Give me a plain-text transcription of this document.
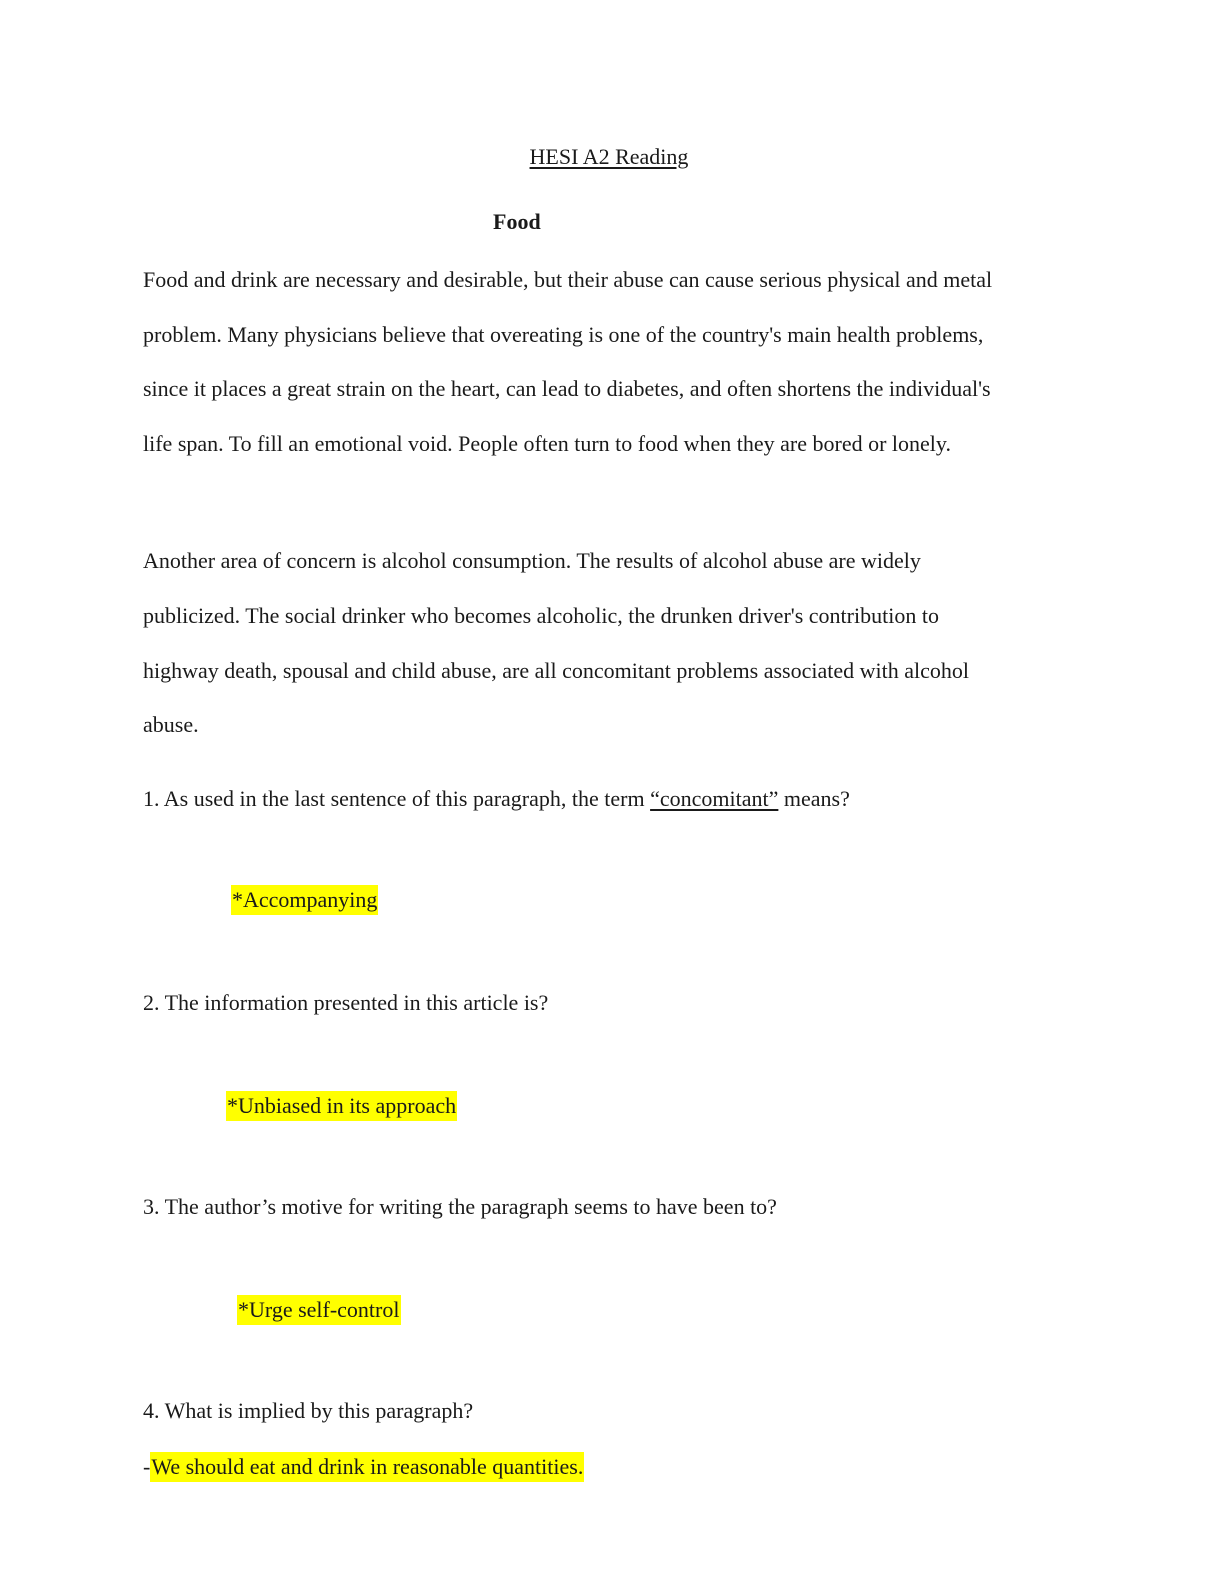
HESI A2 Reading
Food
Food and drink are necessary and desirable, but their abuse can cause serious physical and metal
problem. Many physicians believe that overeating is one of the country's main health problems,
since it places a great strain on the heart, can lead to diabetes, and often shortens the individual's
life span. To fill an emotional void. People often turn to food when they are bored or lonely.
Another area of concern is alcohol consumption. The results of alcohol abuse are widely
publicized. The social drinker who becomes alcoholic, the drunken driver's contribution to
highway death, spousal and child abuse, are all concomitant problems associated with alcohol
abuse.
1. As used in the last sentence of this paragraph, the term “concomitant” means?
*Accompanying
2. The information presented in this article is?
*Unbiased in its approach
3. The author’s motive for writing the paragraph seems to have been to?
*Urge self-control
4. What is implied by this paragraph?
-We should eat and drink in reasonable quantities.
